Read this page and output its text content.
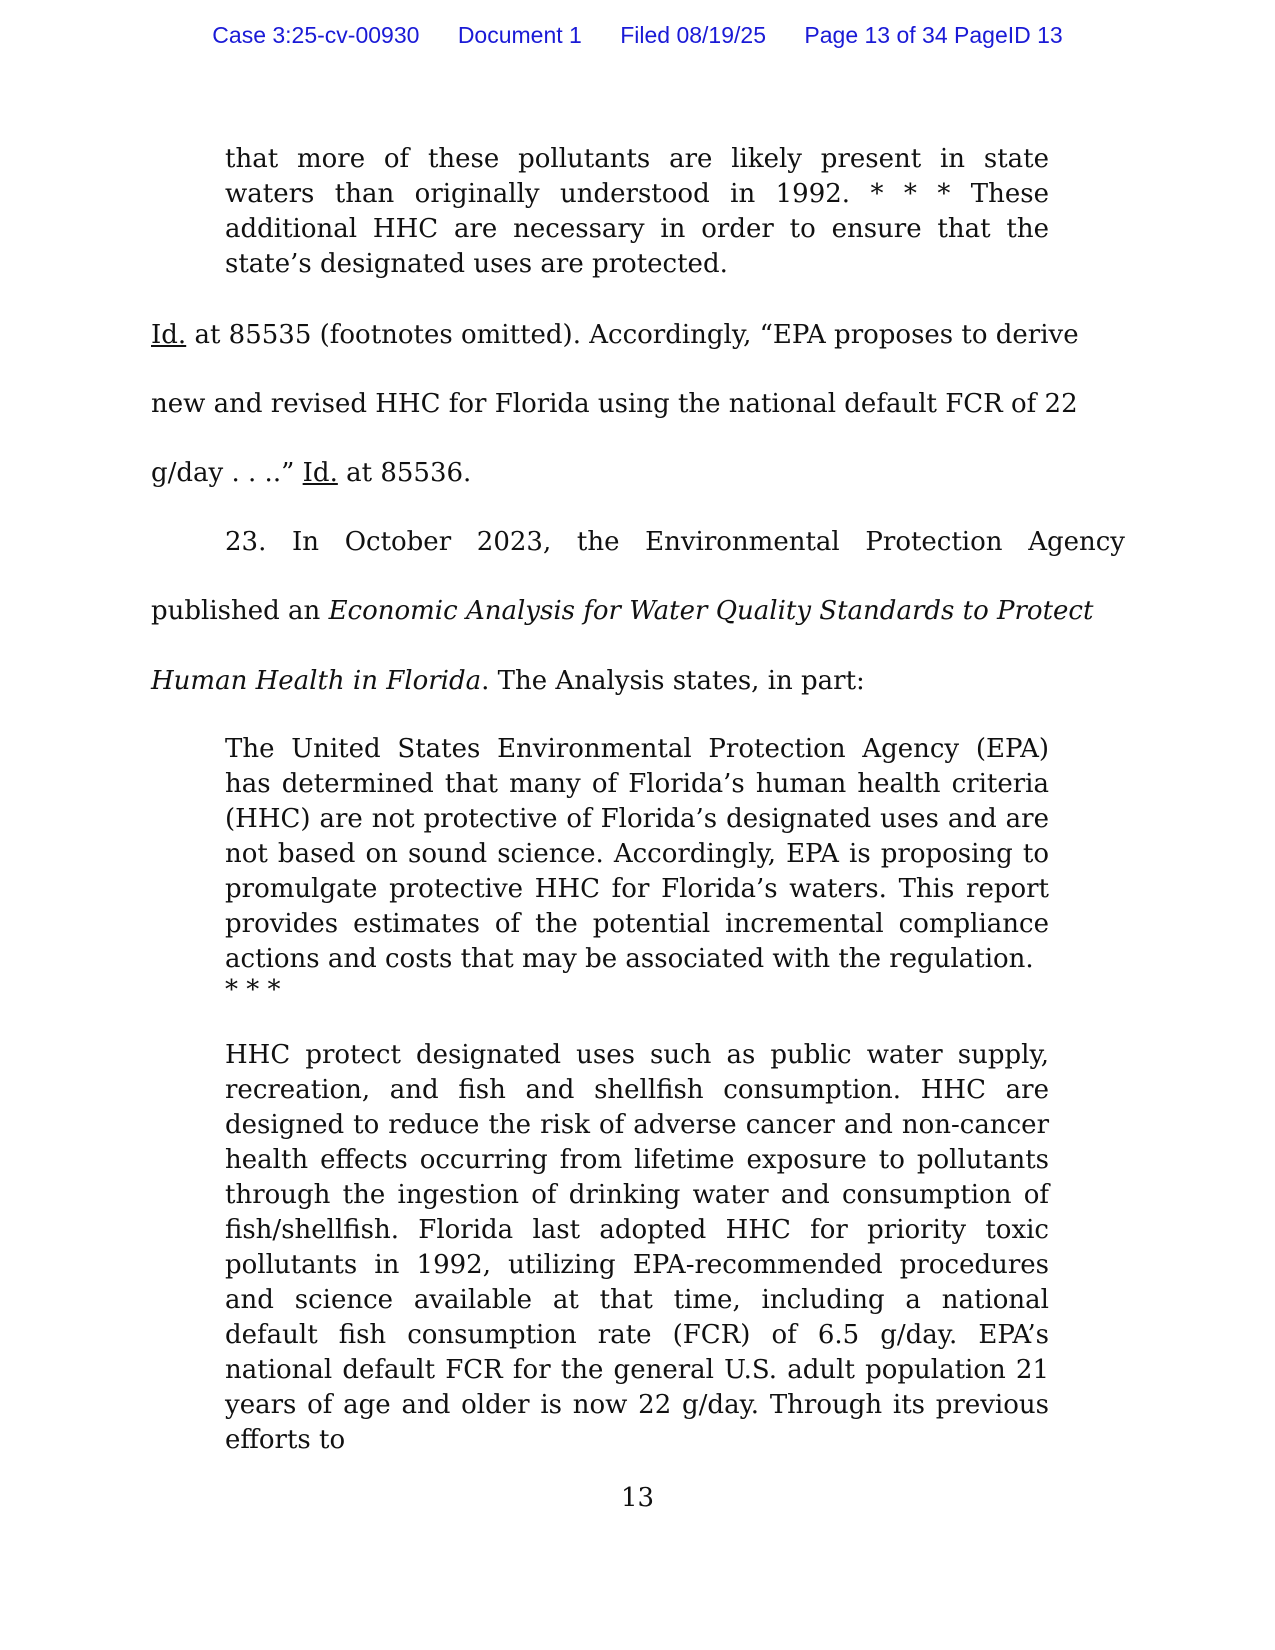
Case 3:25-cv-00930 Document 1 Filed 08/19/25 Page 13 of 34 PageID 13

that more of these pollutants are likely present in state waters than originally understood in 1992. * * * These additional HHC are necessary in order to ensure that the state’s designated uses are protected.

Id. at 85535 (footnotes omitted). Accordingly, “EPA proposes to derive
new and revised HHC for Florida using the national default FCR of 22
g/day . . ..” Id. at 85536.
23. In October 2023, the Environmental Protection Agency
published an Economic Analysis for Water Quality Standards to Protect
Human Health in Florida. The Analysis states, in part:

The United States Environmental Protection Agency (EPA) has determined that many of Florida’s human health criteria (HHC) are not protective of Florida’s designated uses and are not based on sound science. Accordingly, EPA is proposing to promulgate protective HHC for Florida’s waters. This report provides estimates of the potential incremental compliance actions and costs that may be associated with the regulation.

* * *

HHC protect designated uses such as public water supply, recreation, and fish and shellfish consumption. HHC are designed to reduce the risk of adverse cancer and non-cancer health effects occurring from lifetime exposure to pollutants through the ingestion of drinking water and consumption of fish/shellfish. Florida last adopted HHC for priority toxic pollutants in 1992, utilizing EPA-recommended procedures and science available at that time, including a national default fish consumption rate (FCR) of 6.5 g/day. EPA’s national default FCR for the general U.S. adult population 21 years of age and older is now 22 g/day. Through its previous efforts to

13
